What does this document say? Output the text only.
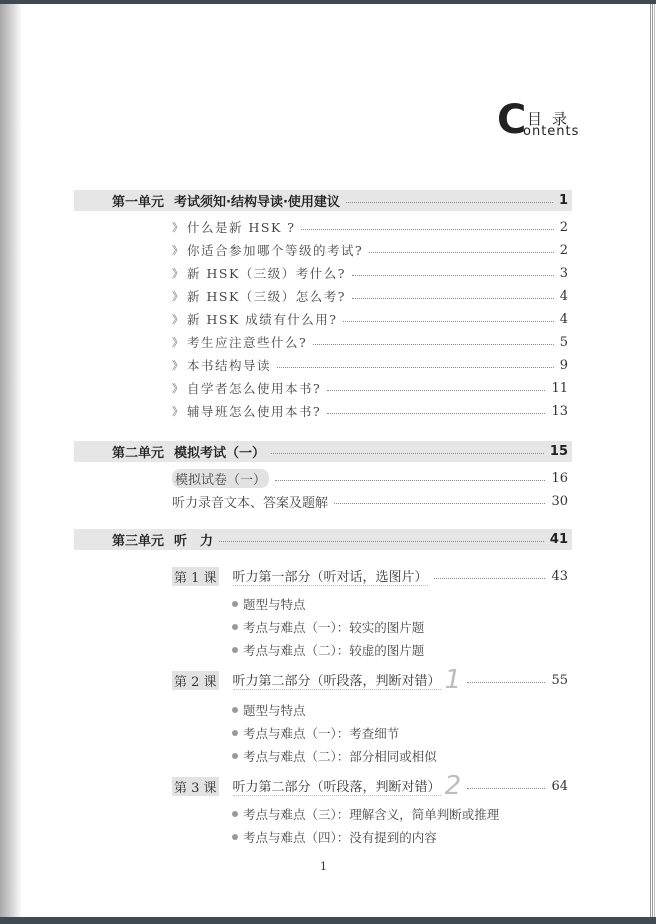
C 目录
ontents
第一单元 考试须知·结构导读·使用建议	1
》 什么是新 HSK ?	2
》 你适合参加哪个等级的考试?	2
》 新 HSK（三级）考什么?	3
》 新 HSK（三级）怎么考?	4
》 新 HSK 成绩有什么用?	4
》 考生应注意些什么?	5
》 本书结构导读	9
》 自学者怎么使用本书?	11
》 辅导班怎么使用本书?	13
第二单元 模拟考试（一）	15
模拟试卷（一）	16
听力录音文本、答案及题解	30
第三单元 听　力	41
第 1 课 听力第一部分（听对话，选图片）	43
题型与特点
考点与难点（一）：较实的图片题
考点与难点（二）：较虚的图片题
第 2 课 听力第二部分（听段落，判断对错） 1	55
题型与特点
考点与难点（一）：考查细节
考点与难点（二）：部分相同或相似
第 3 课 听力第二部分（听段落，判断对错） 2	64
考点与难点（三）：理解含义，简单判断或推理
考点与难点（四）：没有提到的内容
1
